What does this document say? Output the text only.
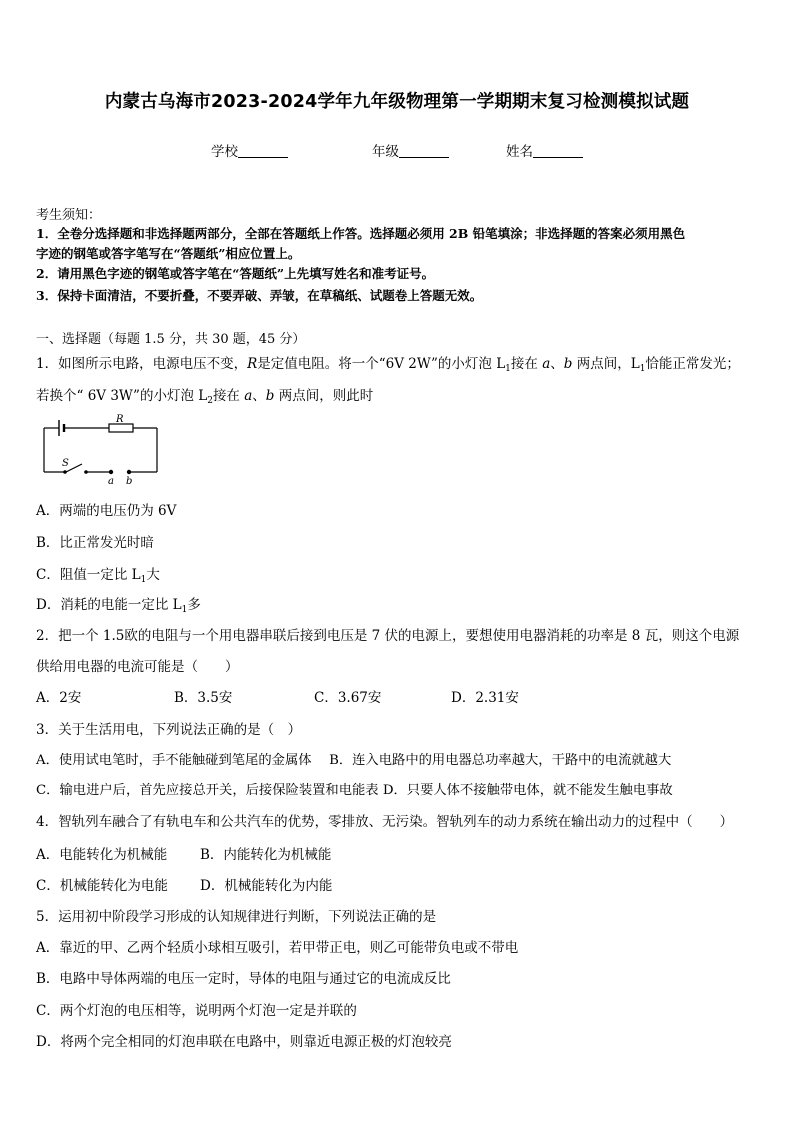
内蒙古乌海市2023-2024学年九年级物理第一学期期末复习检测模拟试题
学校	年级	姓名
考生须知：
1．全卷分选择题和非选择题两部分，全部在答题纸上作答。选择题必须用 2B 铅笔填涂；非选择题的答案必须用黑色
字迹的钢笔或答字笔写在“答题纸”相应位置上。
2．请用黑色字迹的钢笔或答字笔在“答题纸”上先填写姓名和准考证号。
3．保持卡面清洁，不要折叠，不要弄破、弄皱，在草稿纸、试题卷上答题无效。
一、选择题（每题 1.5 分，共 30 题，45 分）
1．如图所示电路，电源电压不变，R是定值电阻。将一个“6V 2W”的小灯泡 $L_1$接在 a、b 两点间，$L_1$恰能正常发光；
若换个“ 6V 3W”的小灯泡 $L_2$接在 a、b 两点间，则此时
R
S
a b
A．两端的电压仍为 6V
B．比正常发光时暗
C．阻值一定比 $L_1$大
D．消耗的电能一定比 $L_1$多
2．把一个 1.5欧的电阻与一个用电器串联后接到电压是 7 伏的电源上，要想使用电器消耗的功率是 8 瓦，则这个电源
供给用电器的电流可能是（　　）
A．2安	B．3.5安	C．3.67安	D．2.31安
3．关于生活用电，下列说法正确的是（　）
A．使用试电笔时，手不能触碰到笔尾的金属体　 B．连入电路中的用电器总功率越大，干路中的电流就越大
C．输电进户后，首先应接总开关，后接保险装置和电能表 D．只要人体不接触带电体，就不能发生触电事故
4．智轨列车融合了有轨电车和公共汽车的优势，零排放、无污染。智轨列车的动力系统在输出动力的过程中（　　）
A．电能转化为机械能 B．内能转化为机械能
C．机械能转化为电能 D．机械能转化为内能
5．运用初中阶段学习形成的认知规律进行判断，下列说法正确的是
A．靠近的甲、乙两个轻质小球相互吸引，若甲带正电，则乙可能带负电或不带电
B．电路中导体两端的电压一定时，导体的电阻与通过它的电流成反比
C．两个灯泡的电压相等，说明两个灯泡一定是并联的
D．将两个完全相同的灯泡串联在电路中，则靠近电源正极的灯泡较亮
